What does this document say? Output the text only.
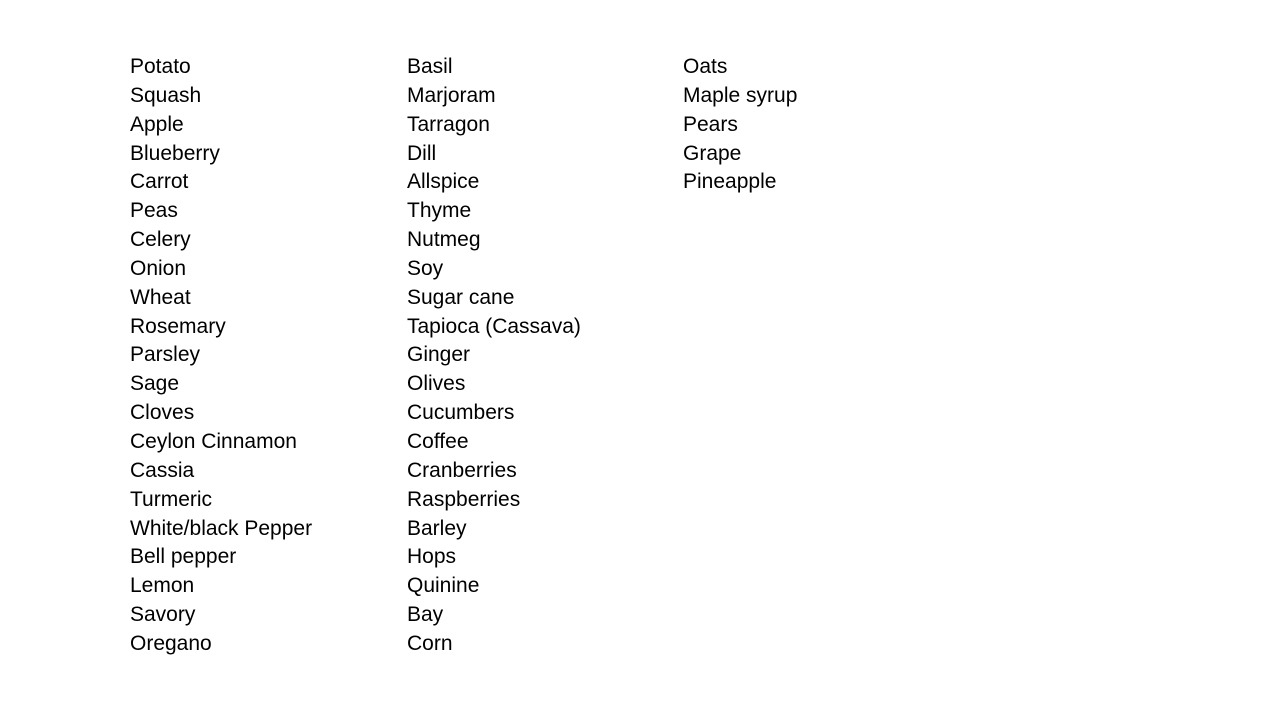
Potato
Squash
Apple
Blueberry
Carrot
Peas
Celery
Onion
Wheat
Rosemary
Parsley
Sage
Cloves
Ceylon Cinnamon
Cassia
Turmeric
White/black Pepper
Bell pepper
Lemon
Savory
Oregano
Basil
Marjoram
Tarragon
Dill
Allspice
Thyme
Nutmeg
Soy
Sugar cane
Tapioca (Cassava)
Ginger
Olives
Cucumbers
Coffee
Cranberries
Raspberries
Barley
Hops
Quinine
Bay
Corn
Oats
Maple syrup
Pears
Grape
Pineapple
